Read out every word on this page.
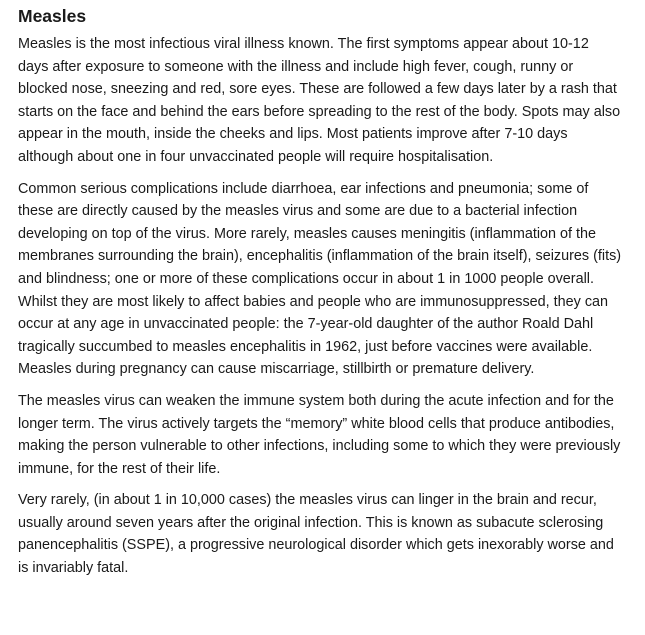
Measles

Measles is the most infectious viral illness known. The first symptoms appear about 10-12 days after exposure to someone with the illness and include high fever, cough, runny or blocked nose, sneezing and red, sore eyes. These are followed a few days later by a rash that starts on the face and behind the ears before spreading to the rest of the body. Spots may also appear in the mouth, inside the cheeks and lips. Most patients improve after 7-10 days although about one in four unvaccinated people will require hospitalisation.

Common serious complications include diarrhoea, ear infections and pneumonia; some of these are directly caused by the measles virus and some are due to a bacterial infection developing on top of the virus. More rarely, measles causes meningitis (inflammation of the membranes surrounding the brain), encephalitis (inflammation of the brain itself), seizures (fits) and blindness; one or more of these complications occur in about 1 in 1000 people overall. Whilst they are most likely to affect babies and people who are immunosuppressed, they can occur at any age in unvaccinated people: the 7-year-old daughter of the author Roald Dahl tragically succumbed to measles encephalitis in 1962, just before vaccines were available. Measles during pregnancy can cause miscarriage, stillbirth or premature delivery.

The measles virus can weaken the immune system both during the acute infection and for the longer term. The virus actively targets the “memory” white blood cells that produce antibodies, making the person vulnerable to other infections, including some to which they were previously immune, for the rest of their life.

Very rarely, (in about 1 in 10,000 cases) the measles virus can linger in the brain and recur, usually around seven years after the original infection. This is known as subacute sclerosing panencephalitis (SSPE), a progressive neurological disorder which gets inexorably worse and is invariably fatal.
